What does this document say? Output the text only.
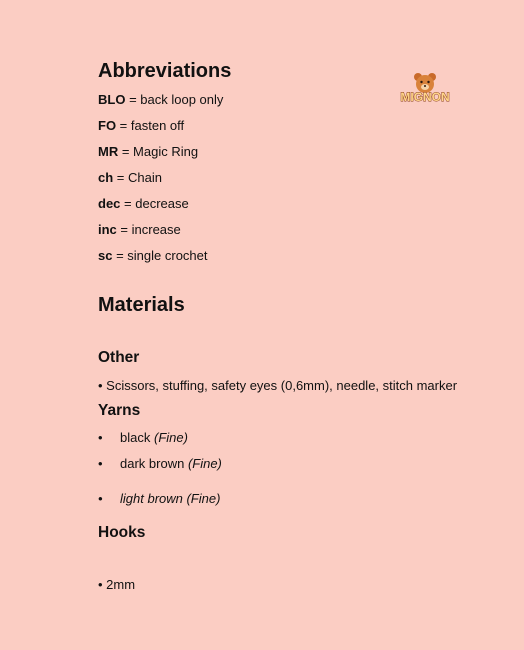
MIGNON
Abbreviations
BLO = back loop only
FO = fasten off
MR = Magic Ring
ch = Chain
dec = decrease
inc = increase
sc = single crochet
Materials
Other
• Scissors, stuffing, safety eyes (0,6mm), needle, stitch marker
Yarns
• black (Fine)
• dark brown (Fine)
• light brown (Fine)
Hooks
• 2mm
